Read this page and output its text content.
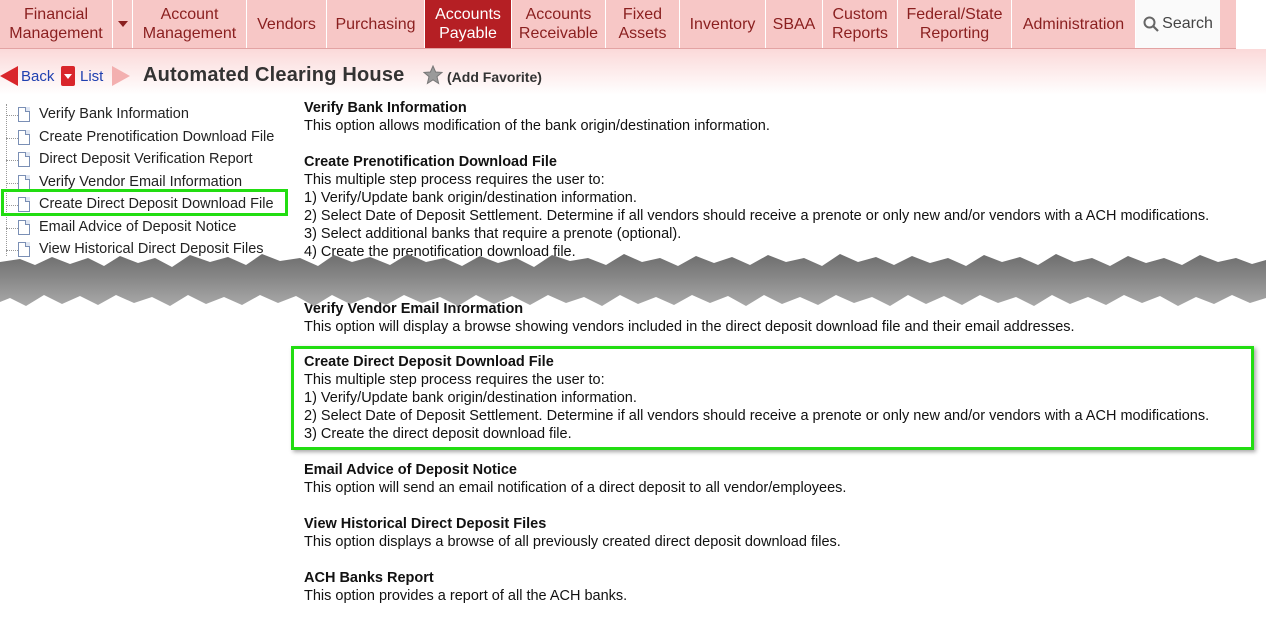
Financial
Management
Account
Management
Vendors Purchasing
Accounts
Payable
Accounts
Receivable
Fixed
Assets
Inventory SBAA
Custom
Reports
Federal/State
Reporting
Administration Search
Back List Automated Clearing House	(Add Favorite)
Verify Bank Information
Create Prenotification Download File
Direct Deposit Verification Report
Verify Vendor Email Information
Create Direct Deposit Download File
Email Advice of Deposit Notice
View Historical Direct Deposit Files
Verify Bank Information
This option allows modification of the bank origin/destination information.
Create Prenotification Download File
This multiple step process requires the user to:
1) Verify/Update bank origin/destination information.
2) Select Date of Deposit Settlement. Determine if all vendors should receive a prenote or only new and/or vendors with a ACH modifications.
3) Select additional banks that require a prenote (optional).
4) Create the prenotification download file.
Verify Vendor Email Information
This option will display a browse showing vendors included in the direct deposit download file and their email addresses.
Create Direct Deposit Download File
This multiple step process requires the user to:
1) Verify/Update bank origin/destination information.
2) Select Date of Deposit Settlement. Determine if all vendors should receive a prenote or only new and/or vendors with a ACH modifications.
3) Create the direct deposit download file.
Email Advice of Deposit Notice
This option will send an email notification of a direct deposit to all vendor/employees.
View Historical Direct Deposit Files
This option displays a browse of all previously created direct deposit download files.
ACH Banks Report
This option provides a report of all the ACH banks.
